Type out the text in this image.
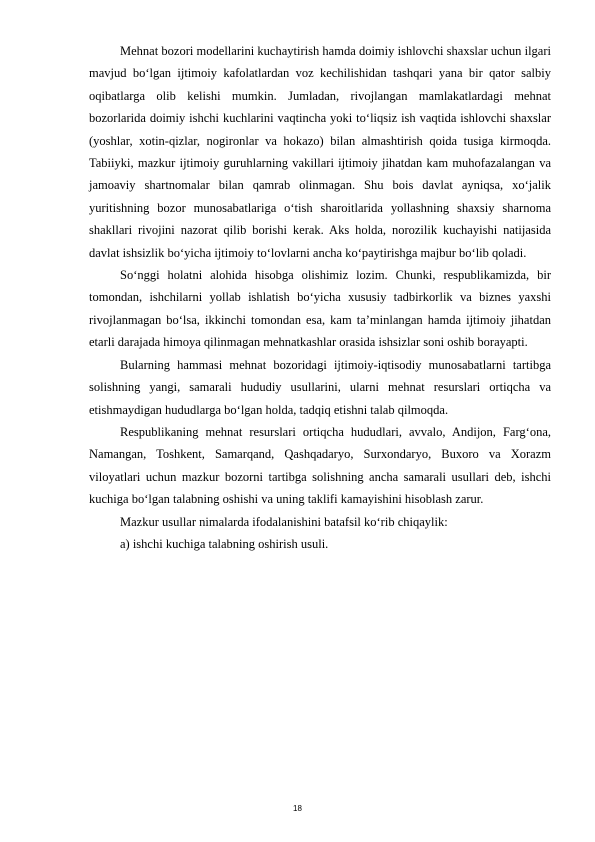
Mehnat bozori modellarini kuchaytirish hamda doimiy ishlovchi shaxslar uchun ilgari mavjud bo‘lgan ijtimoiy kafolatlardan voz kechilishidan tashqari yana bir qator salbiy oqibatlarga olib kelishi mumkin. Jumladan, rivojlangan mamlakatlardagi mehnat bozorlarida doimiy ishchi kuchlarini vaqtincha yoki to‘liqsiz ish vaqtida ishlovchi shaxslar (yoshlar, xotin-qizlar, nogironlar va hokazo) bilan almashtirish qoida tusiga kirmoqda. Tabiiyki, mazkur ijtimoiy guruhlarning vakillari ijtimoiy jihatdan kam muhofazalangan va jamoaviy shartnomalar bilan qamrab olinmagan. Shu bois davlat ayniqsa, xo‘jalik yuritishning bozor munosabatlariga o‘tish sharoitlarida yollashning shaxsiy sharnoma shakllari rivojini nazorat qilib borishi kerak. Aks holda, norozilik kuchayishi natijasida davlat ishsizlik bo‘yicha ijtimoiy to‘lovlarni ancha ko‘paytirishga majbur bo‘lib qoladi.

So‘nggi holatni alohida hisobga olishimiz lozim. Chunki, respublikamizda, bir tomondan, ishchilarni yollab ishlatish bo‘yicha xususiy tadbirkorlik va biznes yaxshi rivojlanmagan bo‘lsa, ikkinchi tomondan esa, kam ta’minlangan hamda ijtimoiy jihatdan etarli darajada himoya qilinmagan mehnatkashlar orasida ishsizlar soni oshib borayapti.

Bularning hammasi mehnat bozoridagi ijtimoiy-iqtisodiy munosabatlarni tartibga solishning yangi, samarali hududiy usullarini, ularni mehnat resurslari ortiqcha va etishmaydigan hududlarga bo‘lgan holda, tadqiq etishni talab qilmoqda.

Respublikaning mehnat resurslari ortiqcha hududlari, avvalo, Andijon, Farg‘ona, Namangan, Toshkent, Samarqand, Qashqadaryo, Surxondaryo, Buxoro va Xorazm viloyatlari uchun mazkur bozorni tartibga solishning ancha samarali usullari deb, ishchi kuchiga bo‘lgan talabning oshishi va uning taklifi kamayishini hisoblash zarur.

Mazkur usullar nimalarda ifodalanishini batafsil ko‘rib chiqaylik:

a) ishchi kuchiga talabning oshirish usuli.

18
